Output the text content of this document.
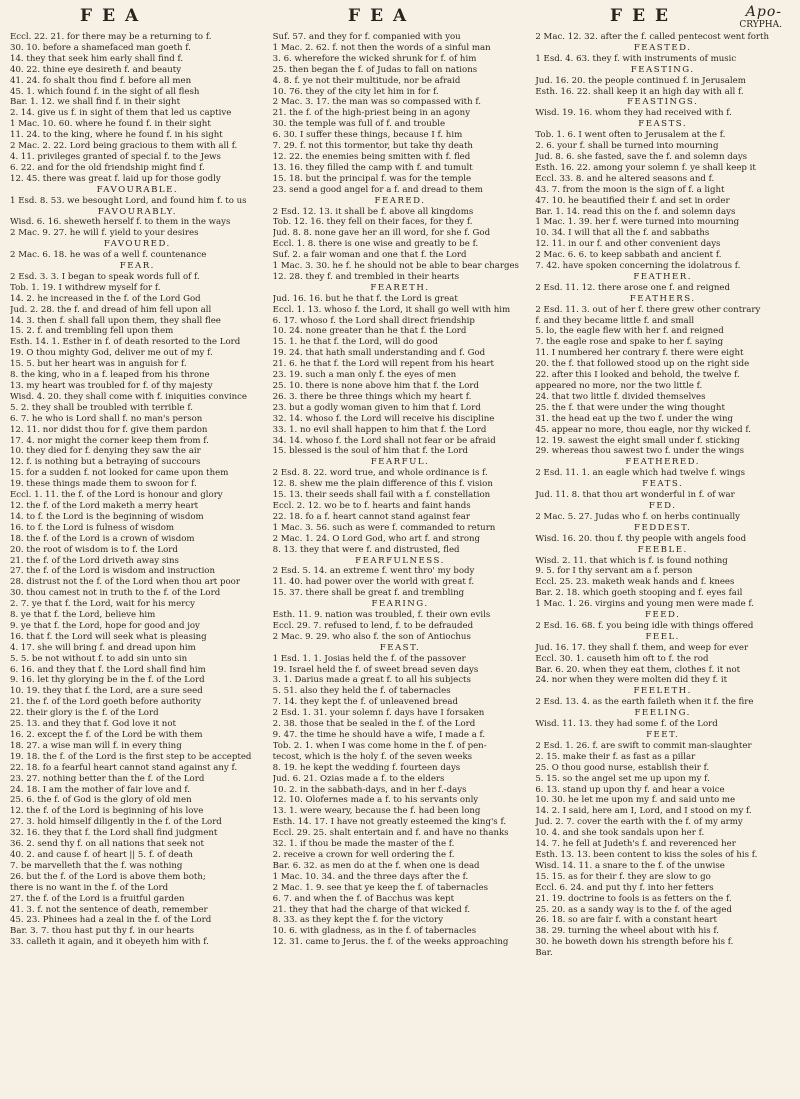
FEA	FEA	FEE	Apo-
CRYPHA.
Eccl. 22. 21. for there may be a returning to f.
30. 10. before a shamefaced man goeth f.
14. they that seek him early shall find f.
40. 22. thine eye desireth f. and beauty
41. 24. fo shalt thou find f. before all men
45. 1. which found f. in the sight of all flesh
Bar. 1. 12. we shall find f. in their sight
2. 14. give us f. in sight of them that led us captive
1 Mac. 10. 60. where he found f. in their sight
11. 24. to the king, where he found f. in his sight
2 Mac. 2. 22. Lord being gracious to them with all f.
4. 11. privileges granted of special f. to the Jews
6. 22. and for the old friendship might find f.
12. 45. there was great f. laid up for those godly
FAVOURABLE.
1 Esd. 8. 53. we besought Lord, and found him f. to us
FAVOURABLY.
Wisd. 6. 16. sheweth herself f. to them in the ways
2 Mac. 9. 27. he will f. yield to your desires
FAVOURED.
2 Mac. 6. 18. he was of a well f. countenance
FEAR.
2 Esd. 3. 3. I began to speak words full of f.
Tob. 1. 19. I withdrew myself for f.
14. 2. he increased in the f. of the Lord God
Jud. 2. 28. the f. and dread of him fell upon all
14. 3. then f. shall fall upon them, they shall flee
15. 2. f. and trembling fell upon them
Esth. 14. 1. Esther in f. of death resorted to the Lord
19. O thou mighty God, deliver me out of my f.
15. 5. but her heart was in anguish for f.
8. the king, who in a f. leaped from his throne
13. my heart was troubled for f. of thy majesty
Wisd. 4. 20. they shall come with f. iniquities convince
5. 2. they shall be troubled with terrible f.
6. 7. he who is Lord shall f. no man's person
12. 11. nor didst thou for f. give them pardon
17. 4. nor might the corner keep them from f.
10. they died for f. denying they saw the air
12. f. is nothing but a betraying of succours
15. for a sudden f. not looked for came upon them
19. these things made them to swoon for f.
Eccl. 1. 11. the f. of the Lord is honour and glory
12. the f. of the Lord maketh a merry heart
14. to f. the Lord is the beginning of wisdom
16. to f. the Lord is fulness of wisdom
18. the f. of the Lord is a crown of wisdom
20. the root of wisdom is to f. the Lord
21. the f. of the Lord driveth away sins
27. the f. of the Lord is wisdom and instruction
28. distrust not the f. of the Lord when thou art poor
30. thou camest not in truth to the f. of the Lord
2. 7. ye that f. the Lord, wait for his mercy
8. ye that f. the Lord, believe him
9. ye that f. the Lord, hope for good and joy
16. that f. the Lord will seek what is pleasing
4. 17. she will bring f. and dread upon him
5. 5. be not without f. to add sin unto sin
6. 16. and they that f. the Lord shall find him
9. 16. let thy glorying be in the f. of the Lord
10. 19. they that f. the Lord, are a sure seed
21. the f. of the Lord goeth before authority
22. their glory is the f. of the Lord
25. 13. and they that f. God love it not
16. 2. except the f. of the Lord be with them
18. 27. a wise man will f. in every thing
19. 18. the f. of the Lord is the first step to be accepted
22. 18. fo a fearful heart cannot stand against any f.
23. 27. nothing better than the f. of the Lord
24. 18. I am the mother of fair love and f.
25. 6. the f. of God is the glory of old men
12. the f. of the Lord is beginning of his love
27. 3. hold himself diligently in the f. of the Lord
32. 16. they that f. the Lord shall find judgment
36. 2. send thy f. on all nations that seek not
40. 2. and cause f. of heart || 5. f. of death
7. be marvelleth that the f. was nothing
26. but the f. of the Lord is above them both;
there is no want in the f. of the Lord
27. the f. of the Lord is a fruitful garden
41. 3. f. not the sentence of death, remember
45. 23. Phinees had a zeal in the f. of the Lord
Bar. 3. 7. thou hast put thy f. in our hearts
33. calleth it again, and it obeyeth him with f.
Suf. 57. and they for f. companied with you
1 Mac. 2. 62. f. not then the words of a sinful man
3. 6. wherefore the wicked shrunk for f. of him
25. then began the f. of Judas to fall on nations
4. 8. f. ye not their multitude, nor be afraid
10. 76. they of the city let him in for f.
2 Mac. 3. 17. the man was so compassed with f.
21. the f. of the high-priest being in an agony
30. the temple was full of f. and trouble
6. 30. I suffer these things, because I f. him
7. 29. f. not this tormentor, but take thy death
12. 22. the enemies being smitten with f. fled
13. 16. they filled the camp with f. and tumult
15. 18. but the principal f. was for the temple
23. send a good angel for a f. and dread to them
FEARED.
2 Esd. 12. 13. it shall be f. above all kingdoms
Tob. 12. 16. they fell on their faces, for they f.
Jud. 8. 8. none gave her an ill word, for she f. God
Eccl. 1. 8. there is one wise and greatly to be f.
Suf. 2. a fair woman and one that f. the Lord
1 Mac. 3. 30. he f. he should not be able to bear charges
12. 28. they f. and trembled in their hearts
FEARETH.
Jud. 16. 16. but he that f. the Lord is great
Eccl. 1. 13. whoso f. the Lord, it shall go well with him
6. 17. whoso f. the Lord shall direct friendship
10. 24. none greater than he that f. the Lord
15. 1. he that f. the Lord, will do good
19. 24. that hath small understanding and f. God
21. 6. he that f. the Lord will repent from his heart
23. 19. such a man only f. the eyes of men
25. 10. there is none above him that f. the Lord
26. 3. there be three things which my heart f.
23. but a godly woman given to him that f. Lord
32. 14. whoso f. the Lord will receive his discipline
33. 1. no evil shall happen to him that f. the Lord
34. 14. whoso f. the Lord shall not fear or be afraid
15. blessed is the soul of him that f. the Lord
FEARFUL.
2 Esd. 8. 22. word true, and whole ordinance is f.
12. 8. shew me the plain difference of this f. vision
15. 13. their seeds shall fail with a f. constellation
Eccl. 2. 12. wo be to f. hearts and faint hands
22. 18. fo a f. heart cannot stand against fear
1 Mac. 3. 56. such as were f. commanded to return
2 Mac. 1. 24. O Lord God, who art f. and strong
8. 13. they that were f. and distrusted, fled
FEARFULNESS.
2 Esd. 5. 14. an extreme f. went thro' my body
11. 40. had power over the world with great f.
15. 37. there shall be great f. and trembling
FEARING.
Esth. 11. 9. nation was troubled, f. their own evils
Eccl. 29. 7. refused to lend, f. to be defrauded
2 Mac. 9. 29. who also f. the son of Antiochus
FEAST.
1 Esd. 1. 1. Josias held the f. of the passover
19. Israel held the f. of sweet bread seven days
3. 1. Darius made a great f. to all his subjects
5. 51. also they held the f. of tabernacles
7. 14. they kept the f. of unleavened bread
2 Esd. 1. 31. your solemn f. days have I forsaken
2. 38. those that be sealed in the f. of the Lord
9. 47. the time he should have a wife, I made a f.
Tob. 2. 1. when I was come home in the f. of pen-
tecost, which is the holy f. of the seven weeks
8. 19. he kept the wedding f. fourteen days
Jud. 6. 21. Ozias made a f. to the elders
10. 2. in the sabbath-days, and in her f.-days
12. 10. Olofernes made a f. to his servants only
13. 1. were weary, because the f. had been long
Esth. 14. 17. I have not greatly esteemed the king's f.
Eccl. 29. 25. shalt entertain and f. and have no thanks
32. 1. if thou be made the master of the f.
2. receive a crown for well ordering the f.
Bar. 6. 32. as men do at the f. when one is dead
1 Mac. 10. 34. and the three days after the f.
2 Mac. 1. 9. see that ye keep the f. of tabernacles
6. 7. and when the f. of Bacchus was kept
21. they that had the charge of that wicked f.
8. 33. as they kept the f. for the victory
10. 6. with gladness, as in the f. of tabernacles
12. 31. came to Jerus. the f. of the weeks approaching
2 Mac. 12. 32. after the f. called pentecost went forth
FEASTED.
1 Esd. 4. 63. they f. with instruments of music
FEASTING.
Jud. 16. 20. the people continued f. in Jerusalem
Esth. 16. 22. shall keep it an high day with all f.
FEASTINGS.
Wisd. 19. 16. whom they had received with f.
FEASTS.
Tob. 1. 6. I went often to Jerusalem at the f.
2. 6. your f. shall be turned into mourning
Jud. 8. 6. she fasted, save the f. and solemn days
Esth. 16. 22. among your solemn f. ye shall keep it
Eccl. 33. 8. and he altered seasons and f.
43. 7. from the moon is the sign of f. a light
47. 10. he beautified their f. and set in order
Bar. 1. 14. read this on the f. and solemn days
1 Mac. 1. 39. her f. were turned into mourning
10. 34. I will that all the f. and sabbaths
12. 11. in our f. and other convenient days
2 Mac. 6. 6. to keep sabbath and ancient f.
7. 42. have spoken concerning the idolatrous f.
FEATHER.
2 Esd. 11. 12. there arose one f. and reigned
FEATHERS.
2 Esd. 11. 3. out of her f. there grew other contrary
f. and they became little f. and small
5. lo, the eagle flew with her f. and reigned
7. the eagle rose and spake to her f. saying
11. I numbered her contrary f. there were eight
20. the f. that followed stood up on the right side
22. after this I looked and behold, the twelve f.
appeared no more, nor the two little f.
24. that two little f. divided themselves
25. the f. that were under the wing thought
31. the head eat up the two f. under the wing
45. appear no more, thou eagle, nor thy wicked f.
12. 19. sawest the eight small under f. sticking
29. whereas thou sawest two f. under the wings
FEATHERED.
2 Esd. 11. 1. an eagle which had twelve f. wings
FEATS.
Jud. 11. 8. that thou art wonderful in f. of war
FED.
2 Mac. 5. 27. Judas who f. on herbs continually
FEDDEST.
Wisd. 16. 20. thou f. thy people with angels food
FEEBLE.
Wisd. 2. 11. that which is f. is found nothing
9. 5. for I thy servant am a f. person
Eccl. 25. 23. maketh weak hands and f. knees
Bar. 2. 18. which goeth stooping and f. eyes fail
1 Mac. 1. 26. virgins and young men were made f.
FEED.
2 Esd. 16. 68. f. you being idle with things offered
FEEL.
Jud. 16. 17. they shall f. them, and weep for ever
Eccl. 30. 1. causeth him oft to f. the rod
Bar. 6. 20. when they eat them, clothes f. it not
24. nor when they were molten did they f. it
FEELETH.
2 Esd. 13. 4. as the earth faileth when it f. the fire
FEELING.
Wisd. 11. 13. they had some f. of the Lord
FEET.
2 Esd. 1. 26. f. are swift to commit man-slaughter
2. 15. make their f. as fast as a pillar
25. O thou good nurse, establish their f.
5. 15. so the angel set me up upon my f.
6. 13. stand up upon thy f. and hear a voice
10. 30. he let me upon my f. and said unto me
14. 2. I said, here am I, Lord, and I stood on my f.
Jud. 2. 7. cover the earth with the f. of my army
10. 4. and she took sandals upon her f.
14. 7. he fell at Judeth's f. and reverenced her
Esth. 13. 13. been content to kiss the soles of his f.
Wisd. 14. 11. a snare to the f. of the unwise
15. 15. as for their f. they are slow to go
Eccl. 6. 24. and put thy f. into her fetters
21. 19. doctrine to fools is as fetters on the f.
25. 20. as a sandy way is to the f. of the aged
26. 18. so are fair f. with a constant heart
38. 29. turning the wheel about with his f.
30. he boweth down his strength before his f.
Bar.
